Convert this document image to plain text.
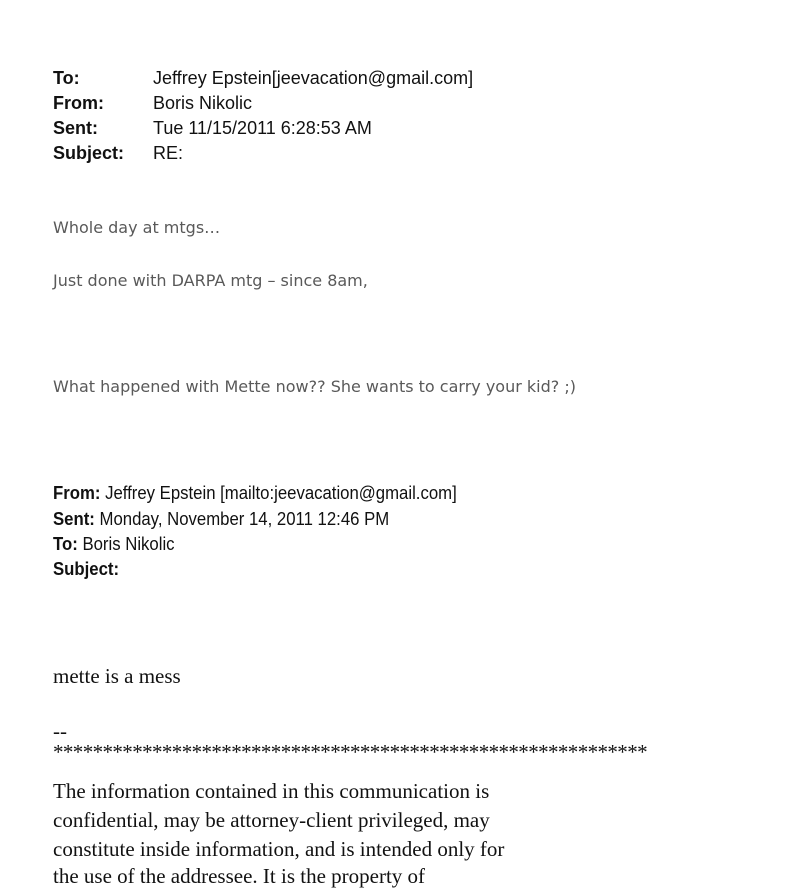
To:	Jeffrey Epstein[jeevacation@gmail.com]
From:	Boris Nikolic
Sent:	Tue 11/15/2011 6:28:53 AM
Subject: RE:
Whole day at mtgs…
Just done with DARPA mtg – since 8am,
What happened with Mette now?? She wants to carry your kid? ;)
From: Jeffrey Epstein [mailto:jeevacation@gmail.com]
Sent: Monday, November 14, 2011 12:46 PM
To: Boris Nikolic
Subject:
mette is a mess
--
************************************************************
The information contained in this communication is
confidential, may be attorney-client privileged, may
constitute inside information, and is intended only for
the use of the addressee. It is the property of
